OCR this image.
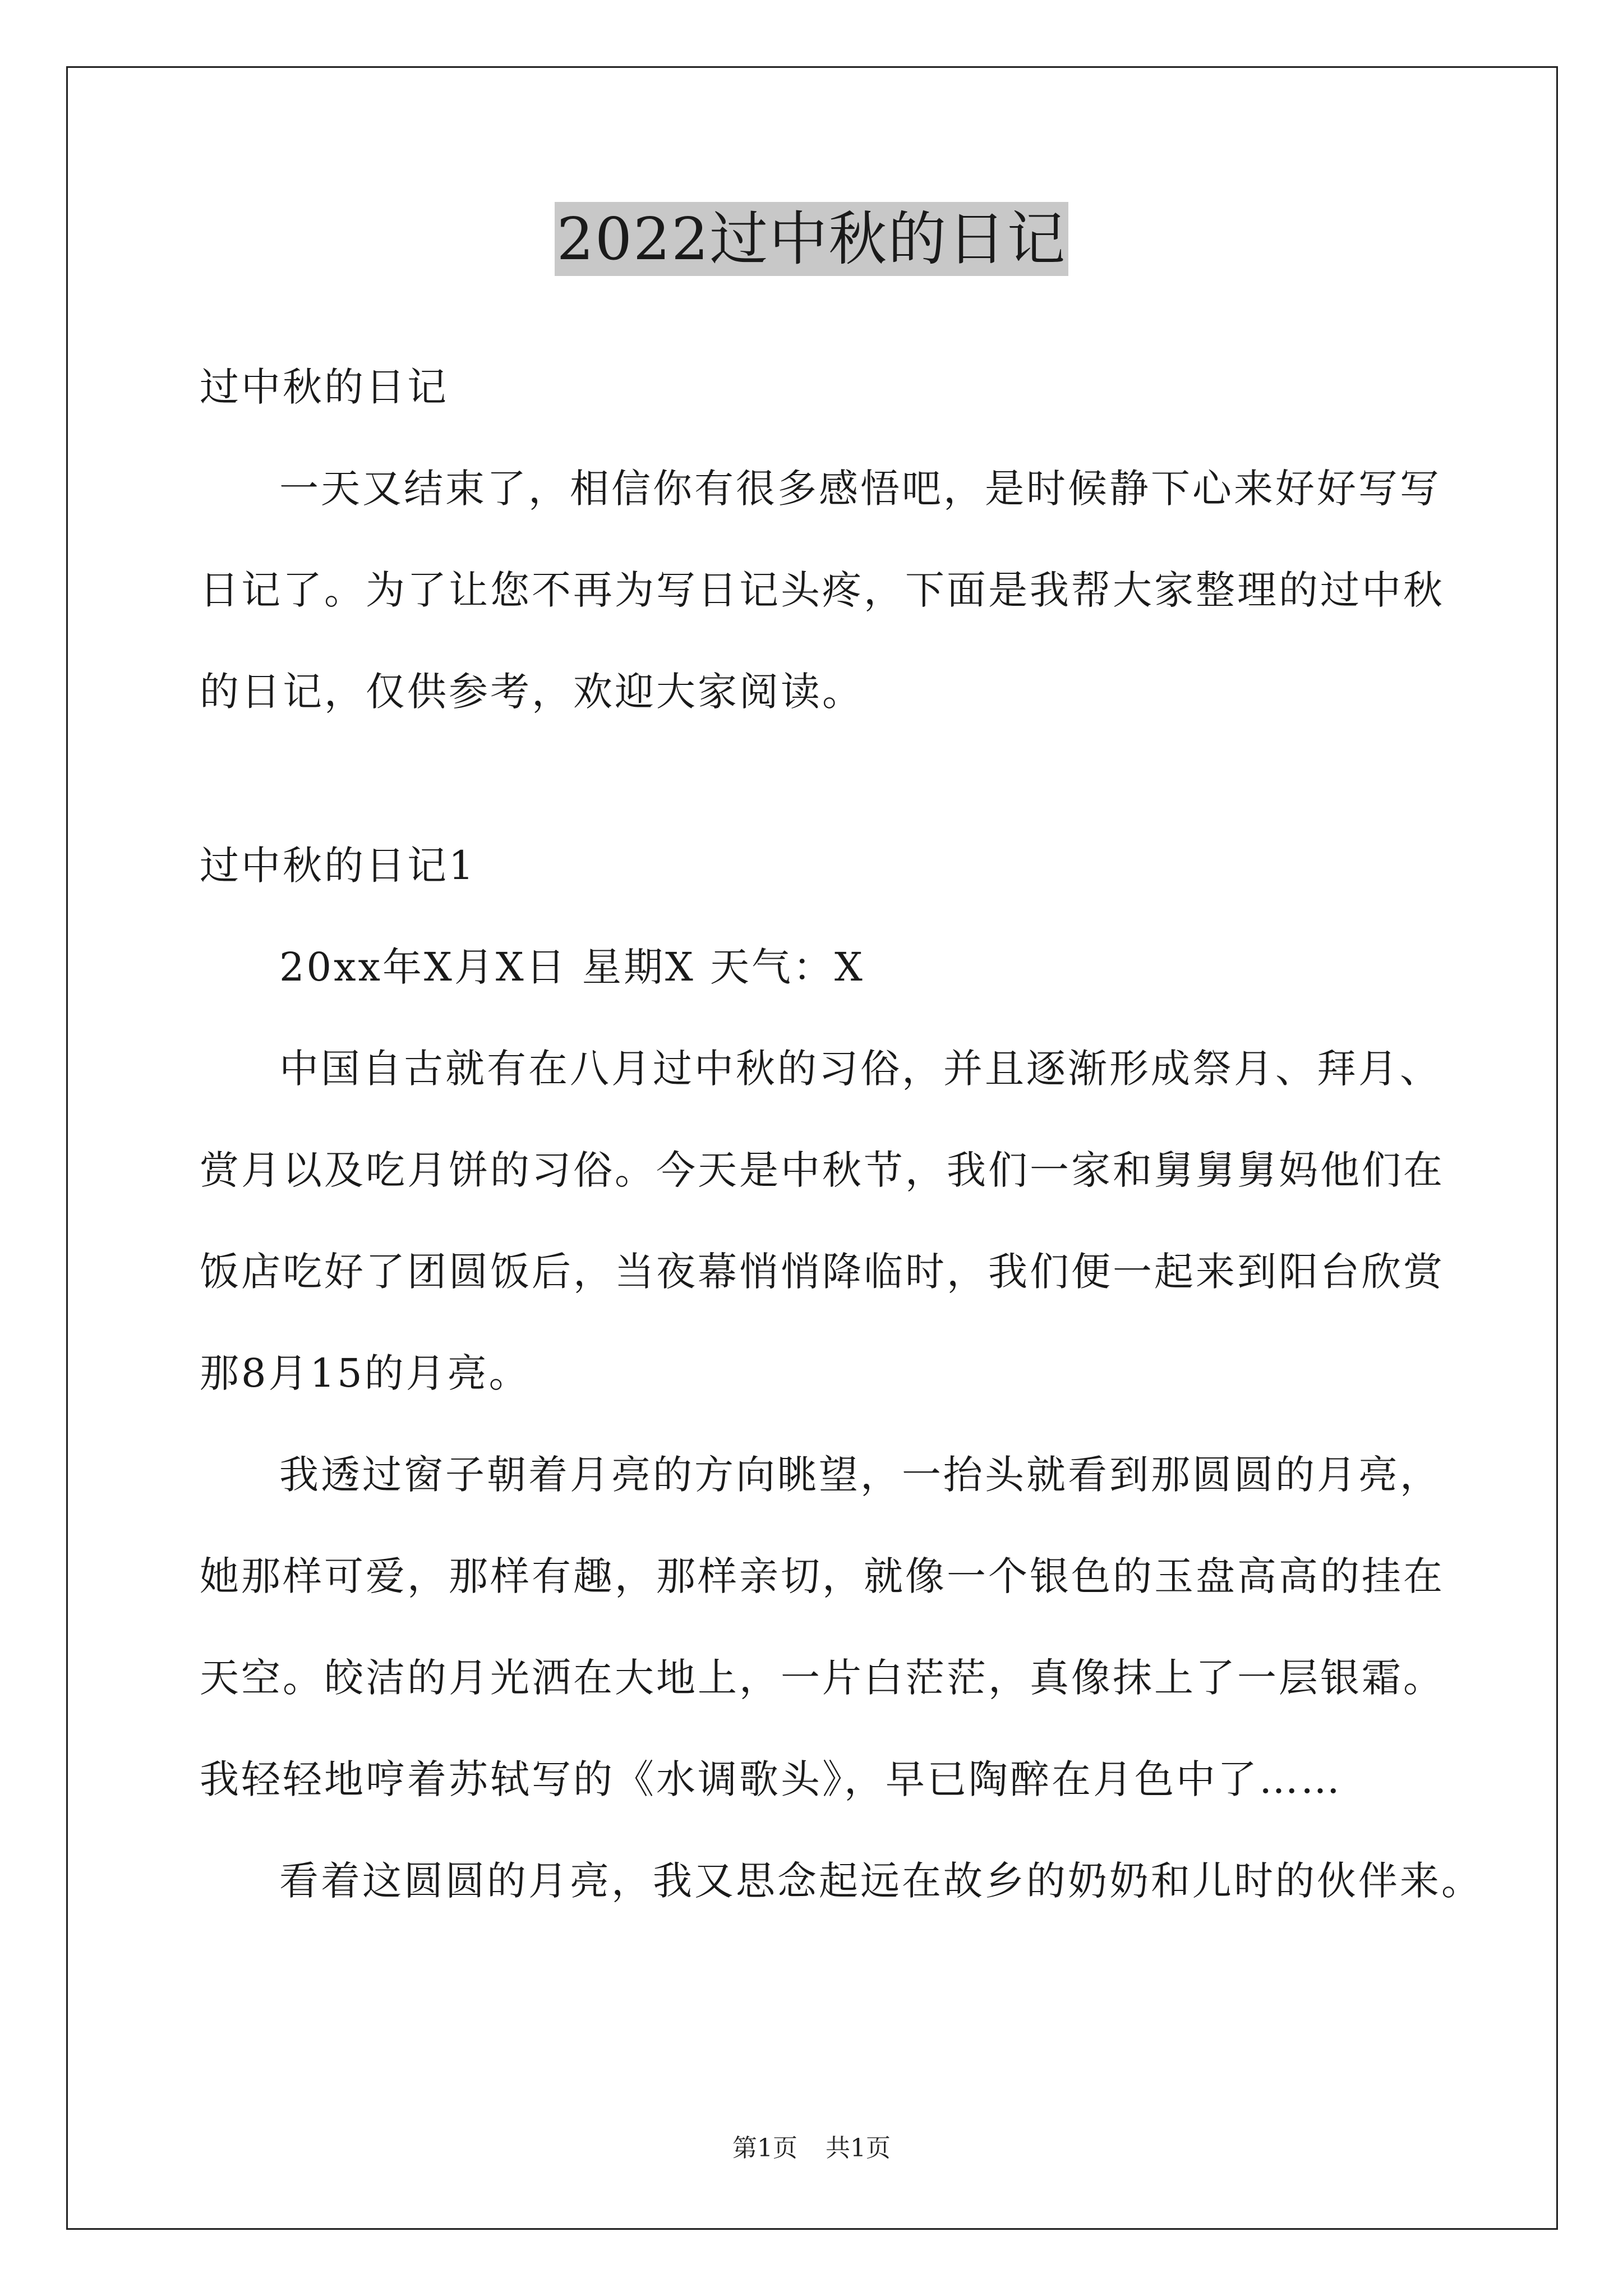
2022过中秋的日记

过中秋的日记

一天又结束了，相信你有很多感悟吧，是时候静下心来好好写写

日记了。为了让您不再为写日记头疼，下面是我帮大家整理的过中秋

的日记，仅供参考，欢迎大家阅读。

过中秋的日记1

20xx年X月X日 星期X 天气：X

中国自古就有在八月过中秋的习俗，并且逐渐形成祭月、拜月、

赏月以及吃月饼的习俗。今天是中秋节，我们一家和舅舅舅妈他们在

饭店吃好了团圆饭后，当夜幕悄悄降临时，我们便一起来到阳台欣赏

那8月15的月亮。

我透过窗子朝着月亮的方向眺望，一抬头就看到那圆圆的月亮，

她那样可爱，那样有趣，那样亲切，就像一个银色的玉盘高高的挂在

天空。皎洁的月光洒在大地上，一片白茫茫，真像抹上了一层银霜。

我轻轻地哼着苏轼写的《水调歌头》，早已陶醉在月色中了……

看着这圆圆的月亮，我又思念起远在故乡的奶奶和儿时的伙伴来。

第1页 共1页
